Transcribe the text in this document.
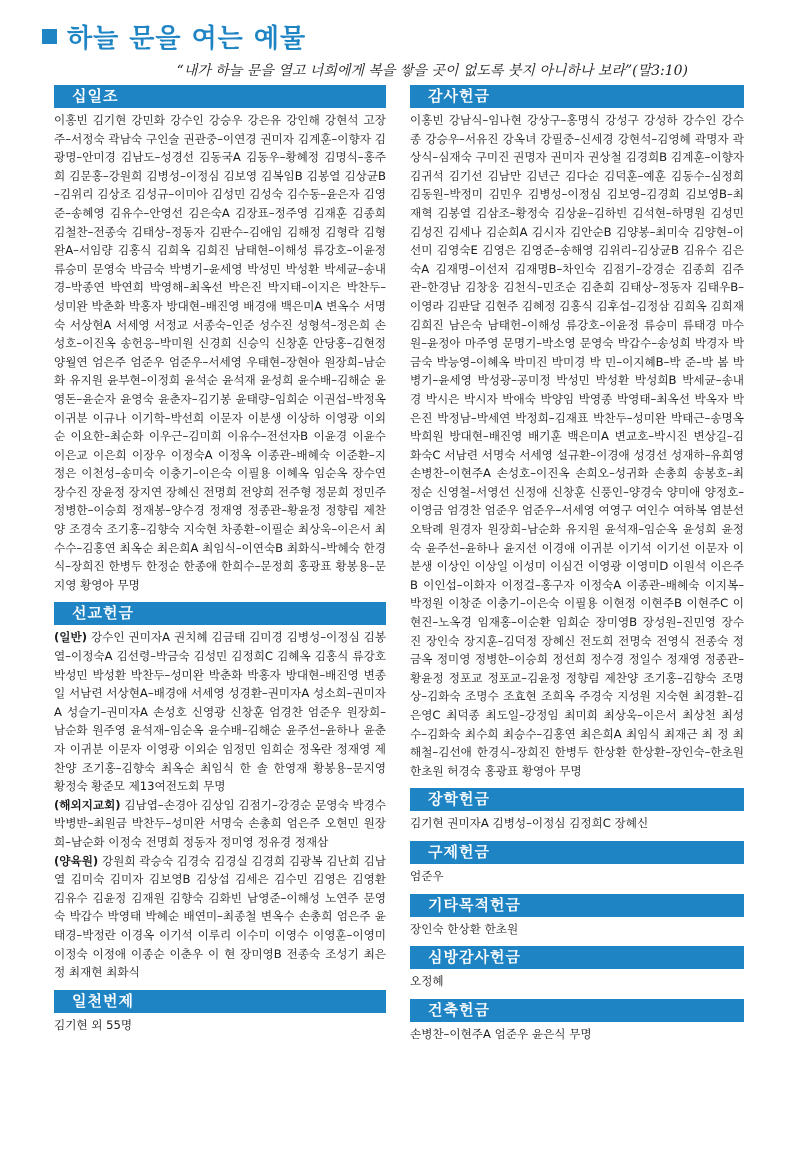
하늘 문을 여는 예물
“내가 하늘 문을 열고 너희에게 복을 쌓을 곳이 없도록 붓지 아니하나 보라”(말3:10)
십일조
이홍빈 김기현 강민화 강수인 강승우 강은유 강인해 강현석 고장주–서정숙 곽남숙 구인술 권관중–이연경 권미자 김계훈–이향자 김광명–안미경 김남도–성경선 김동국A 김동우–황혜정 김명식–홍주희 김문홍–강원희 김병성–이정심 김보영 김복임B 김봉열 김상균B–김위리 김상조 김성규–이미아 김성민 김성숙 김수동–윤은자 김영준–송혜영 김유수–안영선 김은숙A 김장표–정주영 김재훈 김종희 김철찬–전종숙 김태상–정동자 김판수–김애임 김해정 김형락 김형완A–서임량 김홍식 김희옥 김희진 남태현–이해성 류강호–이윤정 류승미 문영숙 박금숙 박병기–윤세영 박성민 박성환 박세균–송내경–박종연 박연희 박영해–최옥선 박은진 박지태–이지은 박찬두–성미완 박춘화 박홍자 방대현–배진영 배경애 백은미A 변옥수 서명숙 서상현A 서세영 서정교 서종숙–인준 성수진 성형석–정은희 손성호–이진옥 송헌응–박미원 신경희 신승익 신창훈 안당홍–김현정 양월연 엄은주 엄준우 엄준우–서세영 우태현–장현아 원장희–남순화 유지원 윤부현–이정희 윤석순 윤석재 윤성희 윤수배–김해순 윤영돈–윤순자 윤영숙 윤춘자–김기봉 윤태량–임희순 이권섭–박정옥 이귀분 이규나 이기학–박선희 이문자 이분생 이상하 이영광 이외순 이요한–최순화 이우근–김미희 이유수–전선자B 이윤경 이윤수 이은교 이은희 이장우 이정숙A 이정옥 이종관–배혜숙 이준환–지정은 이천성–송미숙 이충기–이은숙 이필용 이혜옥 임순옥 장수연 장수진 장윤정 장지연 장혜신 전명희 전양희 전주형 정문희 정민주 정병한–이승희 정재봉–양수경 정재영 정종관–황윤정 정향림 제찬양 조경숙 조기홍–김향숙 지숙현 차종환–이필순 최상욱–이은서 최수수–김홍연 최옥순 최은희A 최임식–이연숙B 최화식–박혜숙 한경식–장희진 한병두 한정순 한종애 한희수–문정희 홍광표 황봉용–문지영 황영아 무명
선교헌금
(일반) 강수인 권미자A 권치혜 김금태 김미경 김병성–이정심 김봉열–이정숙A 김선령–박금숙 김성민 김정희C 김혜옥 김홍식 류강호 박성민 박성환 박찬두–성미완 박춘화 박홍자 방대현–배진영 변종일 서남련 서상현A–배경애 서세영 성경환–권미자A 성소희–권미자A 성슬기–권미자A 손성호 신영광 신창훈 엄경찬 엄준우 원장희–남순화 원주영 윤석재–임순옥 윤수배–김해순 윤주선–윤하나 윤춘자 이귀분 이문자 이영광 이외순 임정민 임희순 정옥란 정재영 제찬양 조기홍–김향숙 최옥순 최임식 한 솔 한영재 황봉용–문지영 황정숙 황준모 제13여전도회 무명
(해외지교회) 김남엽–손경아 김상임 김점기–강경순 문영숙 박경수 박병반–최원금 박찬두–성미완 서명숙 손총희 엄은주 오현민 원장희–남순화 이정숙 전명희 정동자 정미영 정유경 정재삼
(양육원) 강원희 곽승숙 김경숙 김경실 김경희 김광복 김난희 김남열 김미숙 김미자 김보영B 김상섭 김세은 김수민 김영은 김영환 김유수 김윤정 김재원 김향숙 김화빈 남영준–이해성 노연주 문영숙 박갑수 박영태 박혜순 배연미–최종철 변옥수 손총희 엄은주 윤태경–박정란 이경옥 이기석 이루리 이수미 이영수 이영훈–이영미 이정숙 이정애 이종순 이춘우 이 현 장미영B 전종숙 조성기 최은정 최재현 최화식
일천번제
김기현 외 55명
감사헌금
이홍빈 강남식–임나현 강상구–홍명식 강성구 강성하 강수인 강수종 강승우–서유진 강옥녀 강필중–신세경 강현석–김영혜 곽명자 곽상식–심재숙 구미진 권명자 권미자 권상철 김경희B 김계훈–이향자 김귀석 김기선 김남만 김년근 김다순 김덕훈–예훈 김동수–심정희 김동원–박정미 김민우 김병성–이정심 김보영–김경희 김보영B–최재혁 김봉열 김삼조–황정숙 김상윤–김하빈 김석현–하명원 김성민 김성진 김세나 김순희A 김시자 김안순B 김양봉–최미숙 김양현–이선미 김영숙E 김영은 김영준–송해영 김위리–김상균B 김유수 김은숙A 김재명–이선저 김재명B–차인숙 김점기–강경순 김종희 김주관–한경남 김창웅 김천식–민조순 김춘희 김태상–정동자 김태우B–이영라 김판달 김현주 김혜정 김홍식 김후섭–김정삼 김희옥 김희재 김희진 남은숙 남태헌–이해성 류강호–이윤정 류승미 류태경 마수원–윤정아 마주영 문명기–박소영 문영숙 박갑수–송성희 박경자 박금숙 박능영–이혜옥 박미진 박미경 박 민–이지혜B–박 준–박 봄 박병기–윤세영 박성광–공미정 박성민 박성환 박성희B 박세균–송내경 박시은 박시자 박애숙 박양임 박영종 박영태–최옥선 박옥자 박은진 박정남–박세연 박정희–김재표 박찬두–성미완 박태근–송명옥 박희원 방대현–배진영 배기훈 백은미A 변교호–박시진 변상길–김화숙C 서남련 서명숙 서세영 설규환–이경애 성경선 성재하–유희영 손병찬–이현주A 손성호–이진옥 손희오–성귀화 손총희 송봉호–최정순 신영철–서영선 신정애 신창훈 신풍인–양경숙 양미애 양정호–이영금 엄경찬 엄준우 엄준우–서세영 여영구 여인수 여하복 염분선 오탁례 원경자 원장희–남순화 유지원 윤석재–임순옥 윤성희 윤정숙 윤주선–윤하나 윤지선 이경애 이귀분 이기석 이기선 이문자 이분생 이상인 이상일 이성미 이심건 이영광 이영미D 이원석 이은주B 이인섭–이화자 이정걸–홍구자 이정숙A 이종관–배혜숙 이지복–박정원 이창준 이충기–이은숙 이필용 이현정 이현주B 이현주C 이현진–노옥경 임재홍–이순환 임희순 장미영B 장성원–진민영 장수진 장인숙 장지훈–김덕정 장혜신 전도희 전명숙 전영식 전종숙 정금옥 정미영 정병한–이승희 정선희 정수경 정일수 정재영 정종관–황윤정 정포교 정포교–김윤정 정향림 제찬양 조기홍–김향숙 조명상–김화숙 조명수 조효현 조희옥 주경숙 지성원 지숙현 최경환–김은영C 최덕종 최도일–강정임 최미희 최상욱–이은서 최상천 최성수–김화숙 최수희 최승수–김홍연 최은희A 최임식 최재근 최 정 최해철–김선애 한경식–장희진 한병두 한상환 한상환–장인숙–한초원 한초원 허경숙 홍광표 황영아 무명
장학헌금
김기현 권미자A 김병성–이정심 김정희C 장혜신
구제헌금
엄준우
기타목적헌금
장인숙 한상환 한초원
심방감사헌금
오정혜
건축헌금
손병찬–이현주A 엄준우 윤은식 무명
